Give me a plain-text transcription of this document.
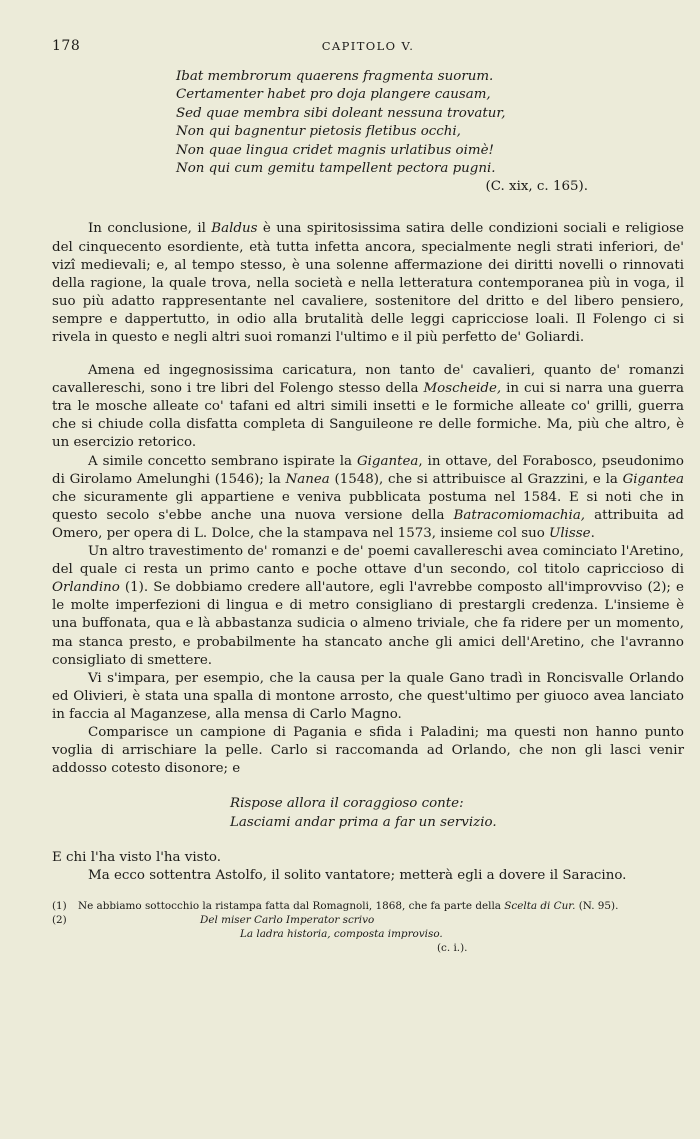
178	CAPITOLO V.
Ibat membrorum quaerens fragmenta suorum.
Certamenter habet pro doja plangere causam,
Sed quae membra sibi doleant nessuna trovatur,
Non qui bagnentur pietosis fletibus occhi,
Non quae lingua cridet magnis urlatibus oimè!
Non qui cum gemitu tampellent pectora pugni.
(C. xix, c. 165).

In conclusione, il Baldus è una spiritosissima satira delle condizioni sociali e religiose del cinquecento esordiente, età tutta infetta ancora, specialmente negli strati inferiori, de' vizî medievali; e, al tempo stesso, è una solenne affermazione dei diritti novelli o rinnovati della ragione, la quale trova, nella società e nella letteratura contemporanea più in voga, il suo più adatto rappresentante nel cavaliere, sostenitore del dritto e del libero pensiero, sempre e dappertutto, in odio alla brutalità delle leggi capricciose loali. Il Folengo ci si rivela in questo e negli altri suoi romanzi l'ultimo e il più perfetto de' Goliardi.

Amena ed ingegnosissima caricatura, non tanto de' cavalieri, quanto de' romanzi cavallereschi, sono i tre libri del Folengo stesso della Moscheide, in cui si narra una guerra tra le mosche alleate co' tafani ed altri simili insetti e le formiche alleate co' grilli, guerra che si chiude colla disfatta completa di Sanguileone re delle formiche. Ma, più che altro, è un esercizio retorico.

A simile concetto sembrano ispirate la Gigantea, in ottave, del Forabosco, pseudonimo di Girolamo Amelunghi (1546); la Nanea (1548), che si attribuisce al Grazzini, e la Gigantea che sicuramente gli appartiene e veniva pubblicata postuma nel 1584. E si noti che in questo secolo s'ebbe anche una nuova versione della Batracomiomachia, attribuita ad Omero, per opera di L. Dolce, che la stampava nel 1573, insieme col suo Ulisse.

Un altro travestimento de' romanzi e de' poemi cavallereschi avea cominciato l'Aretino, del quale ci resta un primo canto e poche ottave d'un secondo, col titolo capriccioso di Orlandino (1). Se dobbiamo credere all'autore, egli l'avrebbe composto all'improvviso (2); e le molte imperfezioni di lingua e di metro consigliano di prestargli credenza. L'insieme è una buffonata, qua e là abbastanza sudicia o almeno triviale, che fa ridere per un momento, ma stanca presto, e probabilmente ha stancato anche gli amici dell'Aretino, che l'avranno consigliato di smettere.

Vi s'impara, per esempio, che la causa per la quale Gano tradì in Roncisvalle Orlando ed Olivieri, è stata una spalla di montone arrosto, che quest'ultimo per giuoco avea lanciato in faccia al Maganzese, alla mensa di Carlo Magno.

Comparisce un campione di Pagania e sfida i Paladini; ma questi non hanno punto voglia di arrischiare la pelle. Carlo si raccomanda ad Orlando, che non gli lasci venir addosso cotesto disonore; e

Rispose allora il coraggioso conte:
Lasciami andar prima a far un servizio.

E chi l'ha visto l'ha visto.

Ma ecco sottentra Astolfo, il solito vantatore; metterà egli a dovere il Saracino.

(1) Ne abbiamo sottocchio la ristampa fatta dal Romagnoli, 1868, che fa parte della Scelta di Cur. (N. 95).

(2)	Del miser Carlo Imperator scrivo
La ladra historia, composta improviso.
(c. i.).
